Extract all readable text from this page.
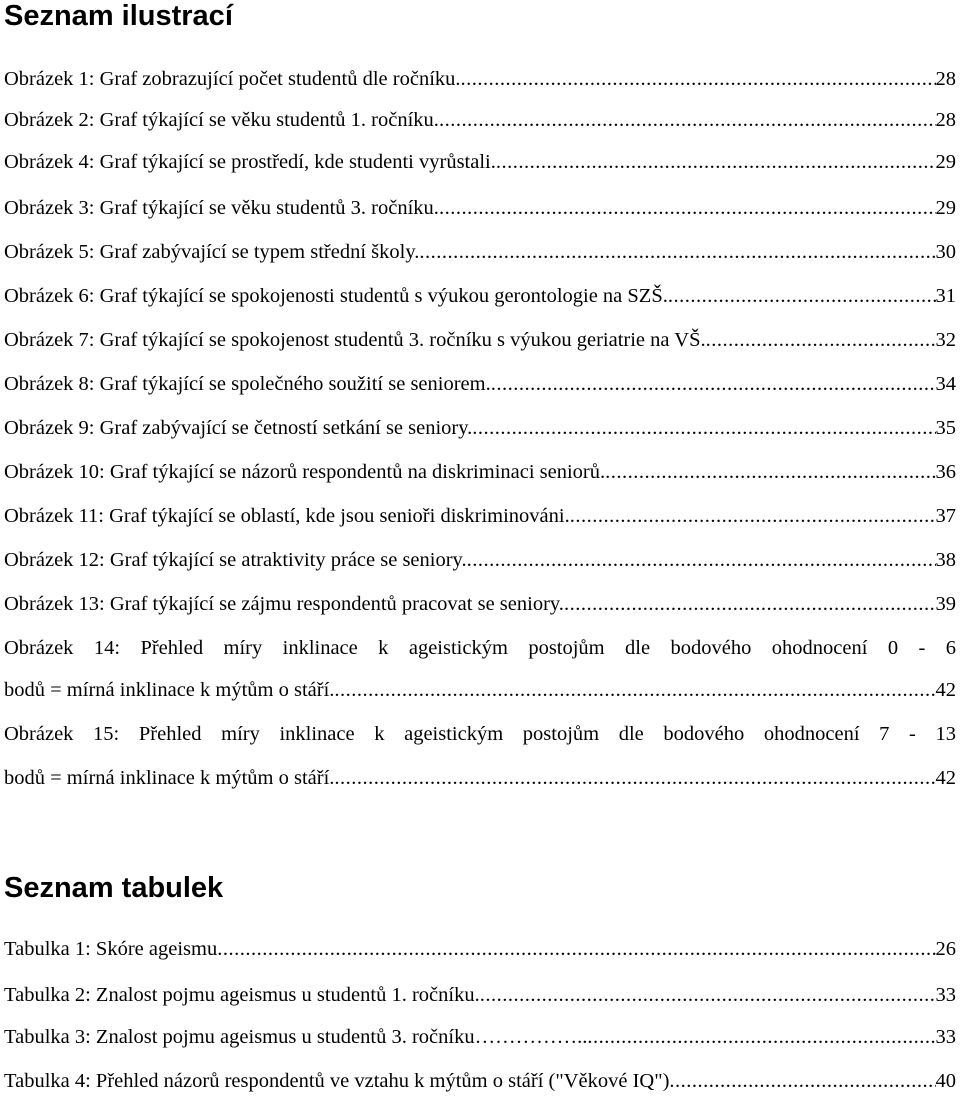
Seznam ilustrací
Obrázek 1: Graf zobrazující počet studentů dle ročníku. .....	28
Obrázek 2: Graf týkající se věku studentů 1. ročníku. .....	28
Obrázek 4: Graf týkající se prostředí, kde studenti vyrůstali. .....	29
Obrázek 3: Graf týkající se věku studentů 3. ročníku. .....	29
Obrázek 5: Graf zabývající se typem střední školy. .....	30
Obrázek 6: Graf týkající se spokojenosti studentů s výukou gerontologie na SZŠ. .....	31
Obrázek 7: Graf týkající se spokojenost studentů 3. ročníku s výukou geriatrie na VŠ. .....	32
Obrázek 8: Graf týkající se společného soužití se seniorem. .....	34
Obrázek 9: Graf zabývající se četností setkání se seniory. .....	35
Obrázek 10: Graf týkající se názorů respondentů na diskriminaci seniorů. .....	36
Obrázek 11: Graf týkající se oblastí, kde jsou senioři diskriminováni. .....	37
Obrázek 12: Graf týkající se atraktivity práce se seniory. .....	38
Obrázek 13: Graf týkající se zájmu respondentů pracovat se seniory. .....	39
Obrázek 14: Přehled míry inklinace k ageistickým postojům dle bodového ohodnocení 0 - 6
bodů = mírná inklinace k mýtům o stáří. .....	42
Obrázek 15: Přehled míry inklinace k ageistickým postojům dle bodového ohodnocení 7 - 13
bodů = mírná inklinace k mýtům o stáří. .....	42
Seznam tabulek
Tabulka 1: Skóre ageismu .....	26
Tabulka 2: Znalost pojmu ageismus u studentů 1. ročníku. .....	33
Tabulka 3: Znalost pojmu ageismus u studentů 3. ročníku…………….. .....	33
Tabulka 4: Přehled názorů respondentů ve vztahu k mýtům o stáří ("Věkové IQ") .....	40
